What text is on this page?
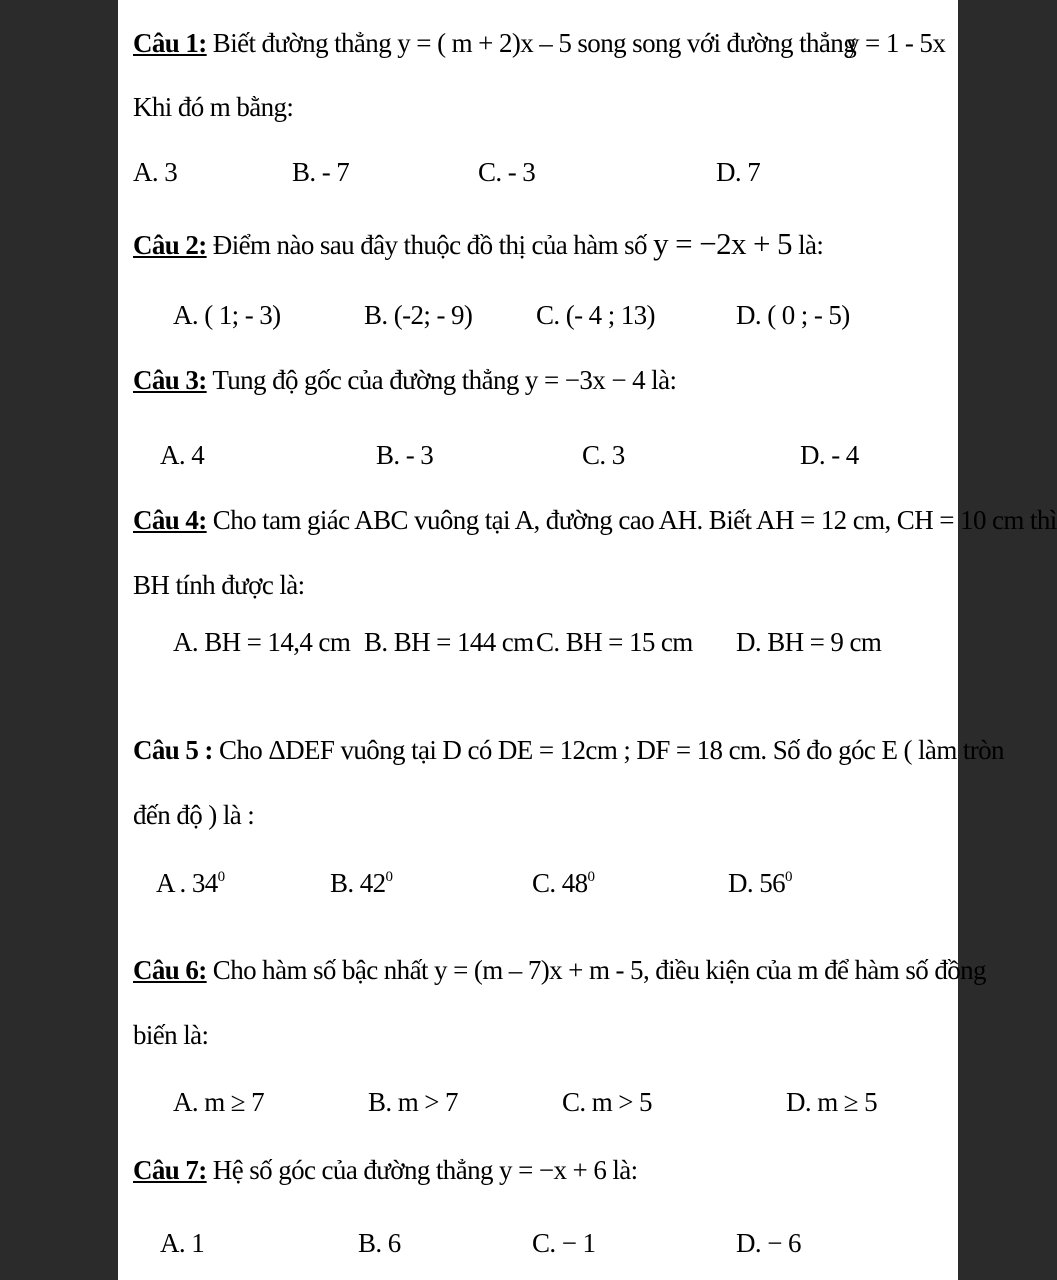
Câu 1: Biết đường thẳng y = ( m + 2)x – 5 song song với đường thẳng
y = 1 - 5x
Khi đó m bằng:
A. 3	B. - 7	C. - 3	D. 7
Câu 2: Điểm nào sau đây thuộc đồ thị của hàm số y = −2x + 5 là:
A. ( 1; - 3)	B. (-2; - 9) C. (- 4 ; 13)	D. ( 0 ; - 5)
Câu 3: Tung độ gốc của đường thẳng y = −3x − 4 là:
A. 4	B. - 3	C. 3	D. - 4
Câu 4: Cho tam giác ABC vuông tại A, đường cao AH. Biết AH = 12 cm, CH = 10 cm thì
BH tính được là:
A. BH = 14,4 cm B. BH = 144 cm C. BH = 15 cm D. BH = 9 cm
Câu 5 : Cho ΔDEF vuông tại D có DE = 12cm ; DF = 18 cm. Số đo góc E ( làm tròn
đến độ ) là :
A . $34^0$	B. $42^0$	C. $48^0$	D. $56^0$
Câu 6: Cho hàm số bậc nhất y = (m – 7)x + m - 5, điều kiện của m để hàm số đồng
biến là:
A. m ≥ 7	B. m > 7	C. m > 5	D. m ≥ 5
Câu 7: Hệ số góc của đường thẳng y = −x + 6 là:
A. 1	B. 6	C. − 1	D. − 6
